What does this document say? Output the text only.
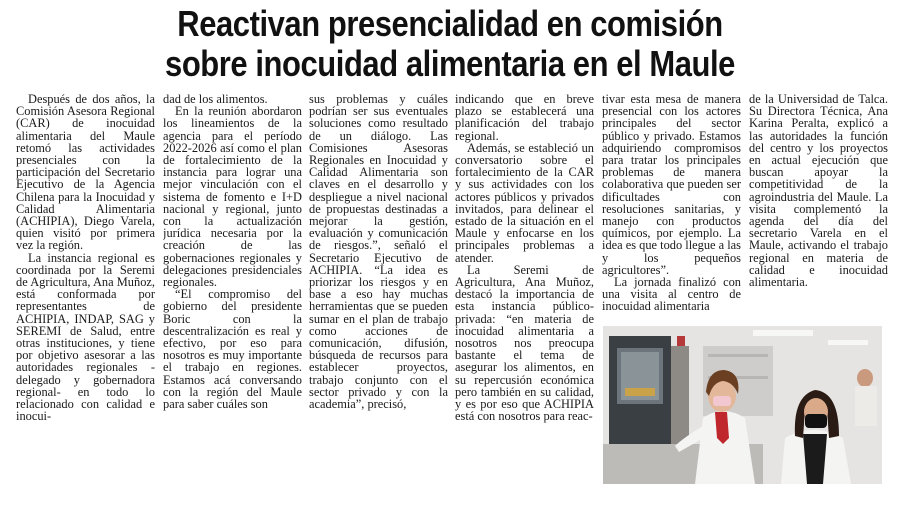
Reactivan presencialidad en comisión
sobre inocuidad alimentaria en el Maule

Después de dos años, la Comisión Asesora Regional (CAR) de inocuidad alimentaria del Maule retomó las actividades presenciales con la participación del Secretario Ejecutivo de la Agencia Chilena para la Inocuidad y Calidad Alimentaria (ACHIPIA), Diego Varela, quien visitó por primera vez la región.

La instancia regional es coordinada por la Seremi de Agricultura, Ana Muñoz, está conformada por representantes de ACHIPIA, INDAP, SAG y SEREMI de Salud, entre otras instituciones, y tiene por objetivo asesorar a las autoridades regionales -delegado y gobernadora regional- en todo lo relacionado con calidad e inocui-

dad de los alimentos.

En la reunión abordaron los lineamientos de la agencia para el período 2022-2026 así como el plan de fortalecimiento de la instancia para lograr una mejor vinculación con el sistema de fomento e I+D nacional y regional, junto con la actualización jurídica necesaria por la creación de las gobernaciones regionales y delegaciones presidenciales regionales.

“El compromiso del gobierno del presidente Boric con la descentralización es real y efectivo, por eso para nosotros es muy importante el trabajo en regiones. Estamos acá conversando con la región del Maule para saber cuáles son

sus problemas y cuáles podrían ser sus eventuales soluciones como resultado de un diálogo. Las Comisiones Asesoras Regionales en Inocuidad y Calidad Alimentaria son claves en el desarrollo y despliegue a nivel nacional de propuestas destinadas a mejorar la gestión, evaluación y comunicación de riesgos.”, señaló el Secretario Ejecutivo de ACHIPIA. “La idea es priorizar los riesgos y en base a eso hay muchas herramientas que se pueden sumar en el plan de trabajo como acciones de comunicación, difusión, búsqueda de recursos para establecer proyectos, trabajo conjunto con el sector privado y con la academia”, precisó,

indicando que en breve plazo se establecerá una planificación del trabajo regional.

Además, se estableció un conversatorio sobre el fortalecimiento de la CAR y sus actividades con los actores públicos y privados invitados, para delinear el estado de la situación en el Maule y enfocarse en los principales problemas a atender.

La Seremi de Agricultura, Ana Muñoz, destacó la importancia de esta instancia público-privada: “en materia de inocuidad alimentaria a nosotros nos preocupa bastante el tema de asegurar los alimentos, en su repercusión económica pero también en su calidad, y es por eso que ACHIPIA está con nosotros para reac-

tivar esta mesa de manera presencial con los actores principales del sector público y privado. Estamos adquiriendo compromisos para tratar los principales problemas de manera colaborativa que pueden ser dificultades con resoluciones sanitarias, y manejo con productos químicos, por ejemplo. La idea es que todo llegue a las y los pequeños agricultores”.

La jornada finalizó con una visita al centro de inocuidad alimentaria

de la Universidad de Talca. Su Directora Técnica, Ana Karina Peralta, explicó a las autoridades la función del centro y los proyectos en actual ejecución que buscan apoyar la competitividad de la agroindustria del Maule. La visita complementó la agenda del día del secretario Varela en el Maule, activando el trabajo regional en materia de calidad e inocuidad alimentaria.
